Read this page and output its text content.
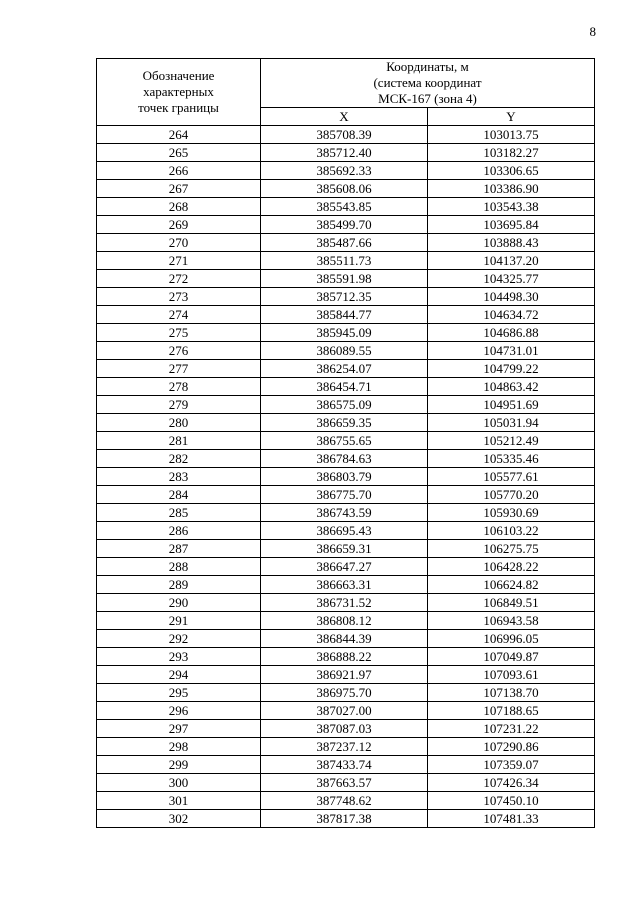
8
Обозначение
характерных
точек границы	Координаты, м
(система координат
МСК-167 (зона 4)	

	X	Y
264	385708.39	103013.75
265	385712.40	103182.27
266	385692.33	103306.65
267	385608.06	103386.90
268	385543.85	103543.38
269	385499.70	103695.84
270	385487.66	103888.43
271	385511.73	104137.20
272	385591.98	104325.77
273	385712.35	104498.30
274	385844.77	104634.72
275	385945.09	104686.88
276	386089.55	104731.01
277	386254.07	104799.22
278	386454.71	104863.42
279	386575.09	104951.69
280	386659.35	105031.94
281	386755.65	105212.49
282	386784.63	105335.46
283	386803.79	105577.61
284	386775.70	105770.20
285	386743.59	105930.69
286	386695.43	106103.22
287	386659.31	106275.75
288	386647.27	106428.22
289	386663.31	106624.82
290	386731.52	106849.51
291	386808.12	106943.58
292	386844.39	106996.05
293	386888.22	107049.87
294	386921.97	107093.61
295	386975.70	107138.70
296	387027.00	107188.65
297	387087.03	107231.22
298	387237.12	107290.86
299	387433.74	107359.07
300	387663.57	107426.34
301	387748.62	107450.10
302	387817.38	107481.33
